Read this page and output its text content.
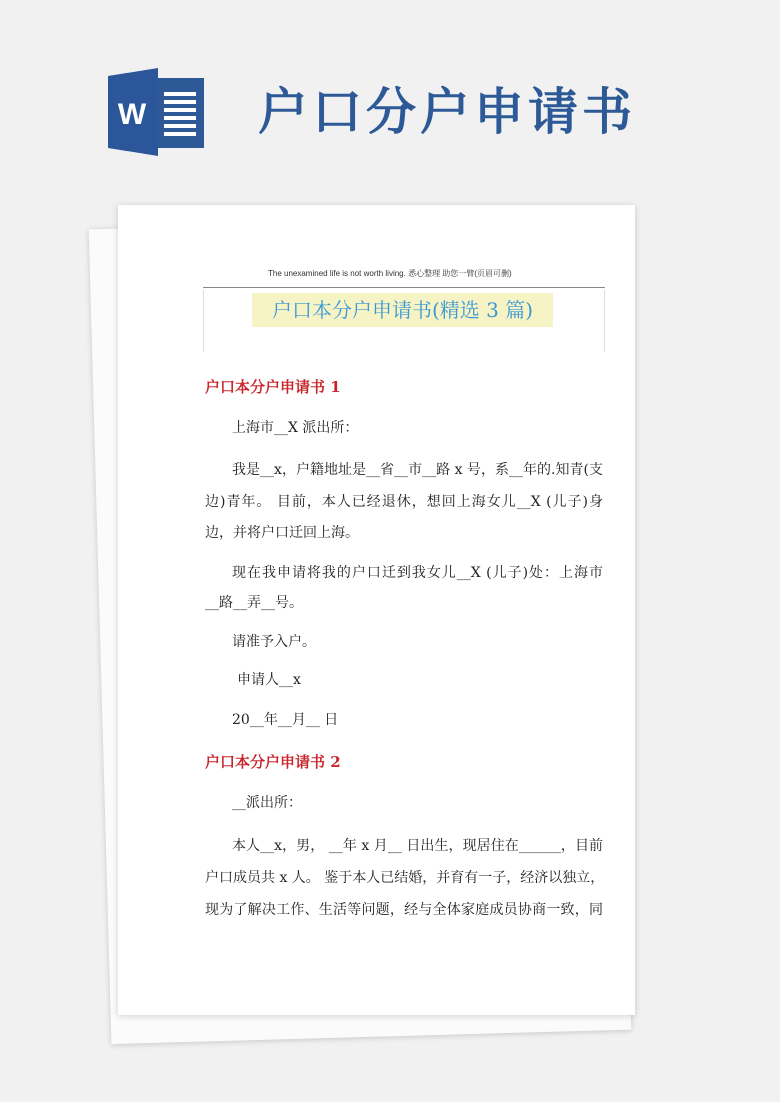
W 户口分户申请书
The unexamined life is not worth living. 悉心整理 助您一臂(页眉可删)
户口本分户申请书(精选 3 篇)
户口本分户申请书 1
上海市__X 派出所：
我是__x，户籍地址是__省__市__路 x 号，系__年的.知青(支
边)青年。 目前，本人已经退休，想回上海女儿__X (儿子)身
边，并将户口迁回上海。
现在我申请将我的户口迁到我女儿__X (儿子)处：上海市
__路__弄__号。
请准予入户。
申请人__x
20__年__月__ 日
户口本分户申请书 2
__派出所：
本人__x，男， __年 x 月__ 日出生，现居住在______，目前
户口成员共 x 人。 鉴于本人已结婚，并育有一子，经济以独立，
现为了解决工作、生活等问题，经与全体家庭成员协商一致，同
